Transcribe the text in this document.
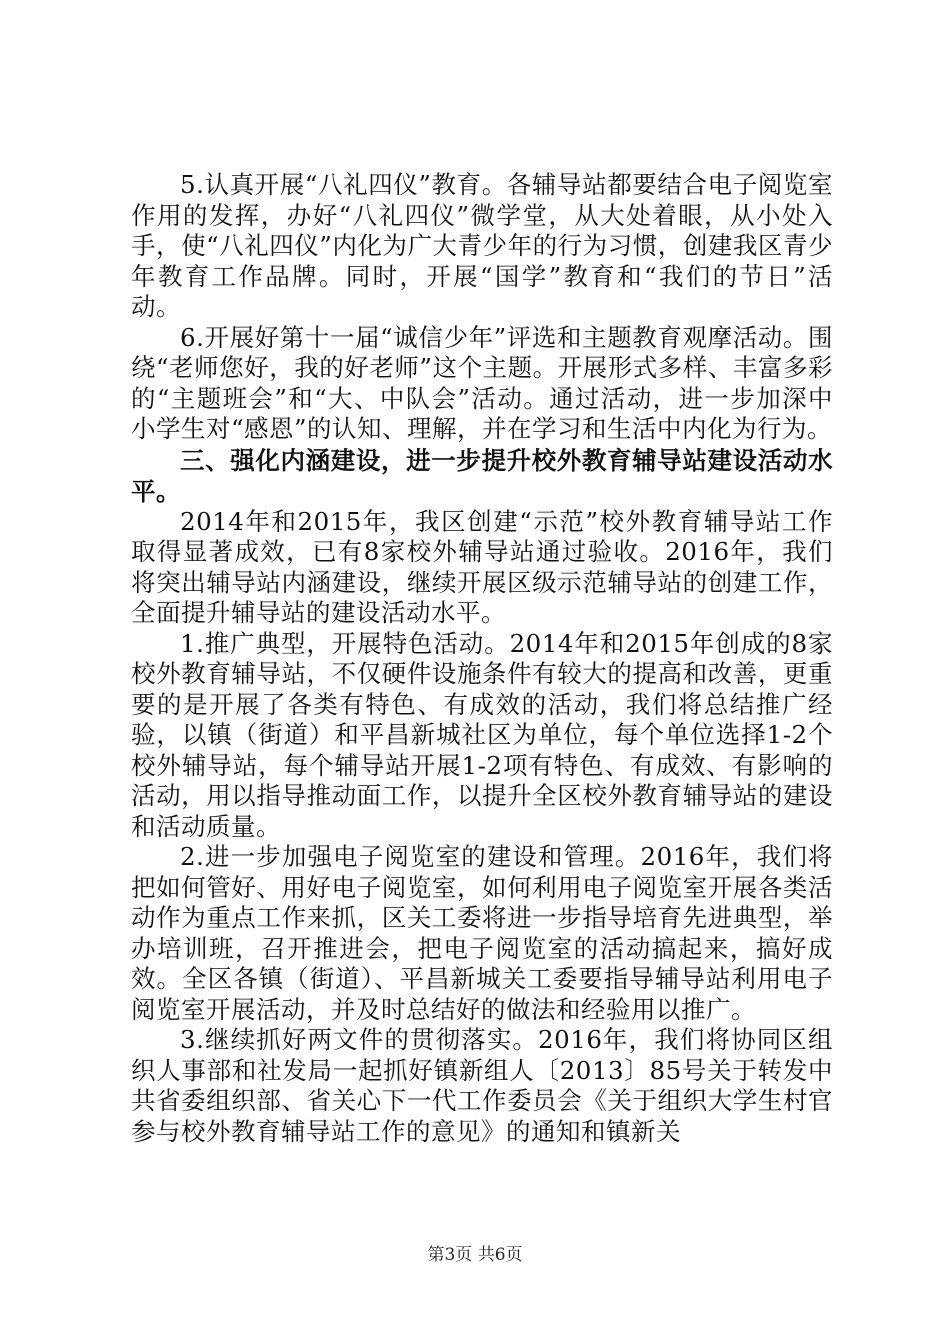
5.认真开展“八礼四仪”教育。各辅导站都要结合电子阅览室作用的发挥，办好“八礼四仪”微学堂，从大处着眼，从小处入手，使“八礼四仪”内化为广大青少年的行为习惯，创建我区青少年教育工作品牌。同时，开展“国学”教育和“我们的节日”活动。

6.开展好第十一届“诚信少年”评选和主题教育观摩活动。围绕“老师您好，我的好老师”这个主题。开展形式多样、丰富多彩的“主题班会”和“大、中队会”活动。通过活动，进一步加深中小学生对“感恩”的认知、理解，并在学习和生活中内化为行为。

三、强化内涵建设，进一步提升校外教育辅导站建设活动水平。

2014年和2015年，我区创建“示范”校外教育辅导站工作取得显著成效，已有8家校外辅导站通过验收。2016年，我们将突出辅导站内涵建设，继续开展区级示范辅导站的创建工作，全面提升辅导站的建设活动水平。

1.推广典型，开展特色活动。2014年和2015年创成的8家校外教育辅导站，不仅硬件设施条件有较大的提高和改善，更重要的是开展了各类有特色、有成效的活动，我们将总结推广经验，以镇（街道）和平昌新城社区为单位，每个单位选择1-2个校外辅导站，每个辅导站开展1-2项有特色、有成效、有影响的活动，用以指导推动面工作，以提升全区校外教育辅导站的建设和活动质量。

2.进一步加强电子阅览室的建设和管理。2016年，我们将把如何管好、用好电子阅览室，如何利用电子阅览室开展各类活动作为重点工作来抓，区关工委将进一步指导培育先进典型，举办培训班，召开推进会，把电子阅览室的活动搞起来，搞好成效。全区各镇（街道）、平昌新城关工委要指导辅导站利用电子阅览室开展活动，并及时总结好的做法和经验用以推广。

3.继续抓好两文件的贯彻落实。2016年，我们将协同区组织人事部和社发局一起抓好镇新组人〔2013〕85号关于转发中共省委组织部、省关心下一代工作委员会《关于组织大学生村官参与校外教育辅导站工作的意见》的通知和镇新关

第3页 共6页
